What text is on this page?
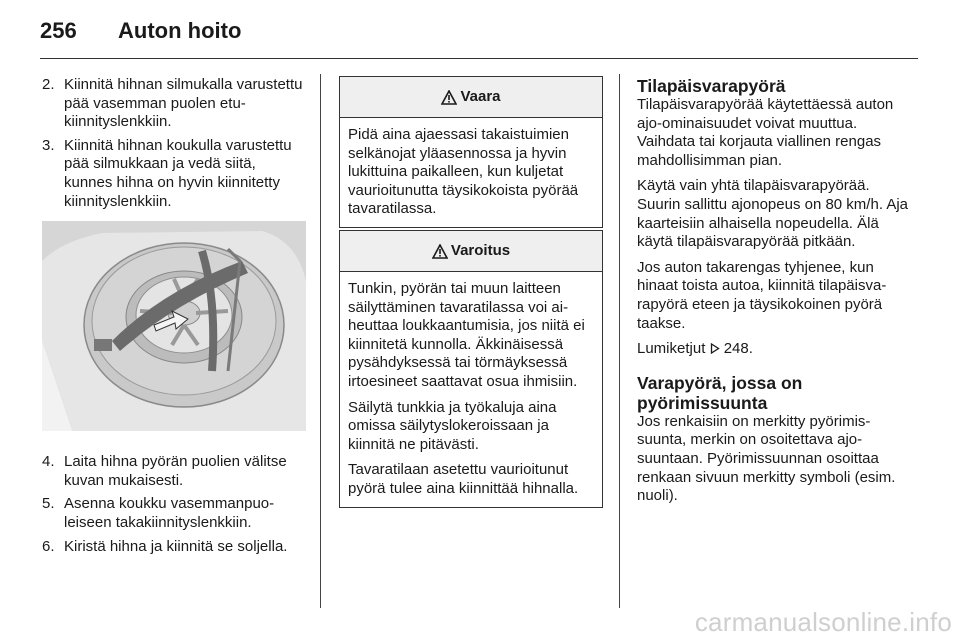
256 Auton hoito
2. Kiinnitä hihnan silmukalla varustettu pää vasemman puolen etukiinnityslenkkiin.
3. Kiinnitä hihnan koukulla varustettu pää silmukkaan ja vedä siitä, kunnes hihna on hyvin kiinnitetty kiinnityslenkkiin.
4. Laita hihna pyörän puolien välitse kuvan mukaisesti.
5. Asenna koukku vasemmanpuoleiseen takakiinnityslenkkiin.
6. Kiristä hihna ja kiinnitä se soljella.
Vaara

Pidä aina ajaessasi takaistuimien selkänojat yläasennossa ja hyvin lukittuina paikalleen, kun kuljetat vaurioitunutta täysikokoista pyörää tavaratilassa.

Varoitus

Tunkin, pyörän tai muun laitteen säilyttäminen tavaratilassa voi aiheuttaa loukkaantumisia, jos niitä ei kiinnitetä kunnolla. Äkkinäisessä pysähdyksessä tai törmäyksessä irtoesineet saattavat osua ihmisiin.

Säilytä tunkkia ja työkaluja aina omissa säilytyslokeroissaan ja kiinnitä ne pitävästi.

Tavaratilaan asetettu vaurioitunut pyörä tulee aina kiinnittää hihnalla.

Tilapäisvarapyörä

Tilapäisvarapyörää käytettäessä auton ajo-ominaisuudet voivat muuttua. Vaihdata tai korjauta viallinen rengas mahdollisimman pian.

Käytä vain yhtä tilapäisvarapyörää. Suurin sallittu ajonopeus on 80 km/h. Aja kaarteisiin alhaisella nopeudella. Älä käytä tilapäisvarapyörää pitkään.

Jos auton takarengas tyhjenee, kun hinaat toista autoa, kiinnitä tilapäisvarapyörä eteen ja täysikokoinen pyörä taakse.

Lumiketjut  248.

Varapyörä, jossa on pyörimissuunta

Jos renkaisiin on merkitty pyörimissuunta, merkin on osoitettava ajosuuntaan. Pyörimissuunnan osoittaa renkaan sivuun merkitty symboli (esim. nuoli).

carmanualsonline.info
